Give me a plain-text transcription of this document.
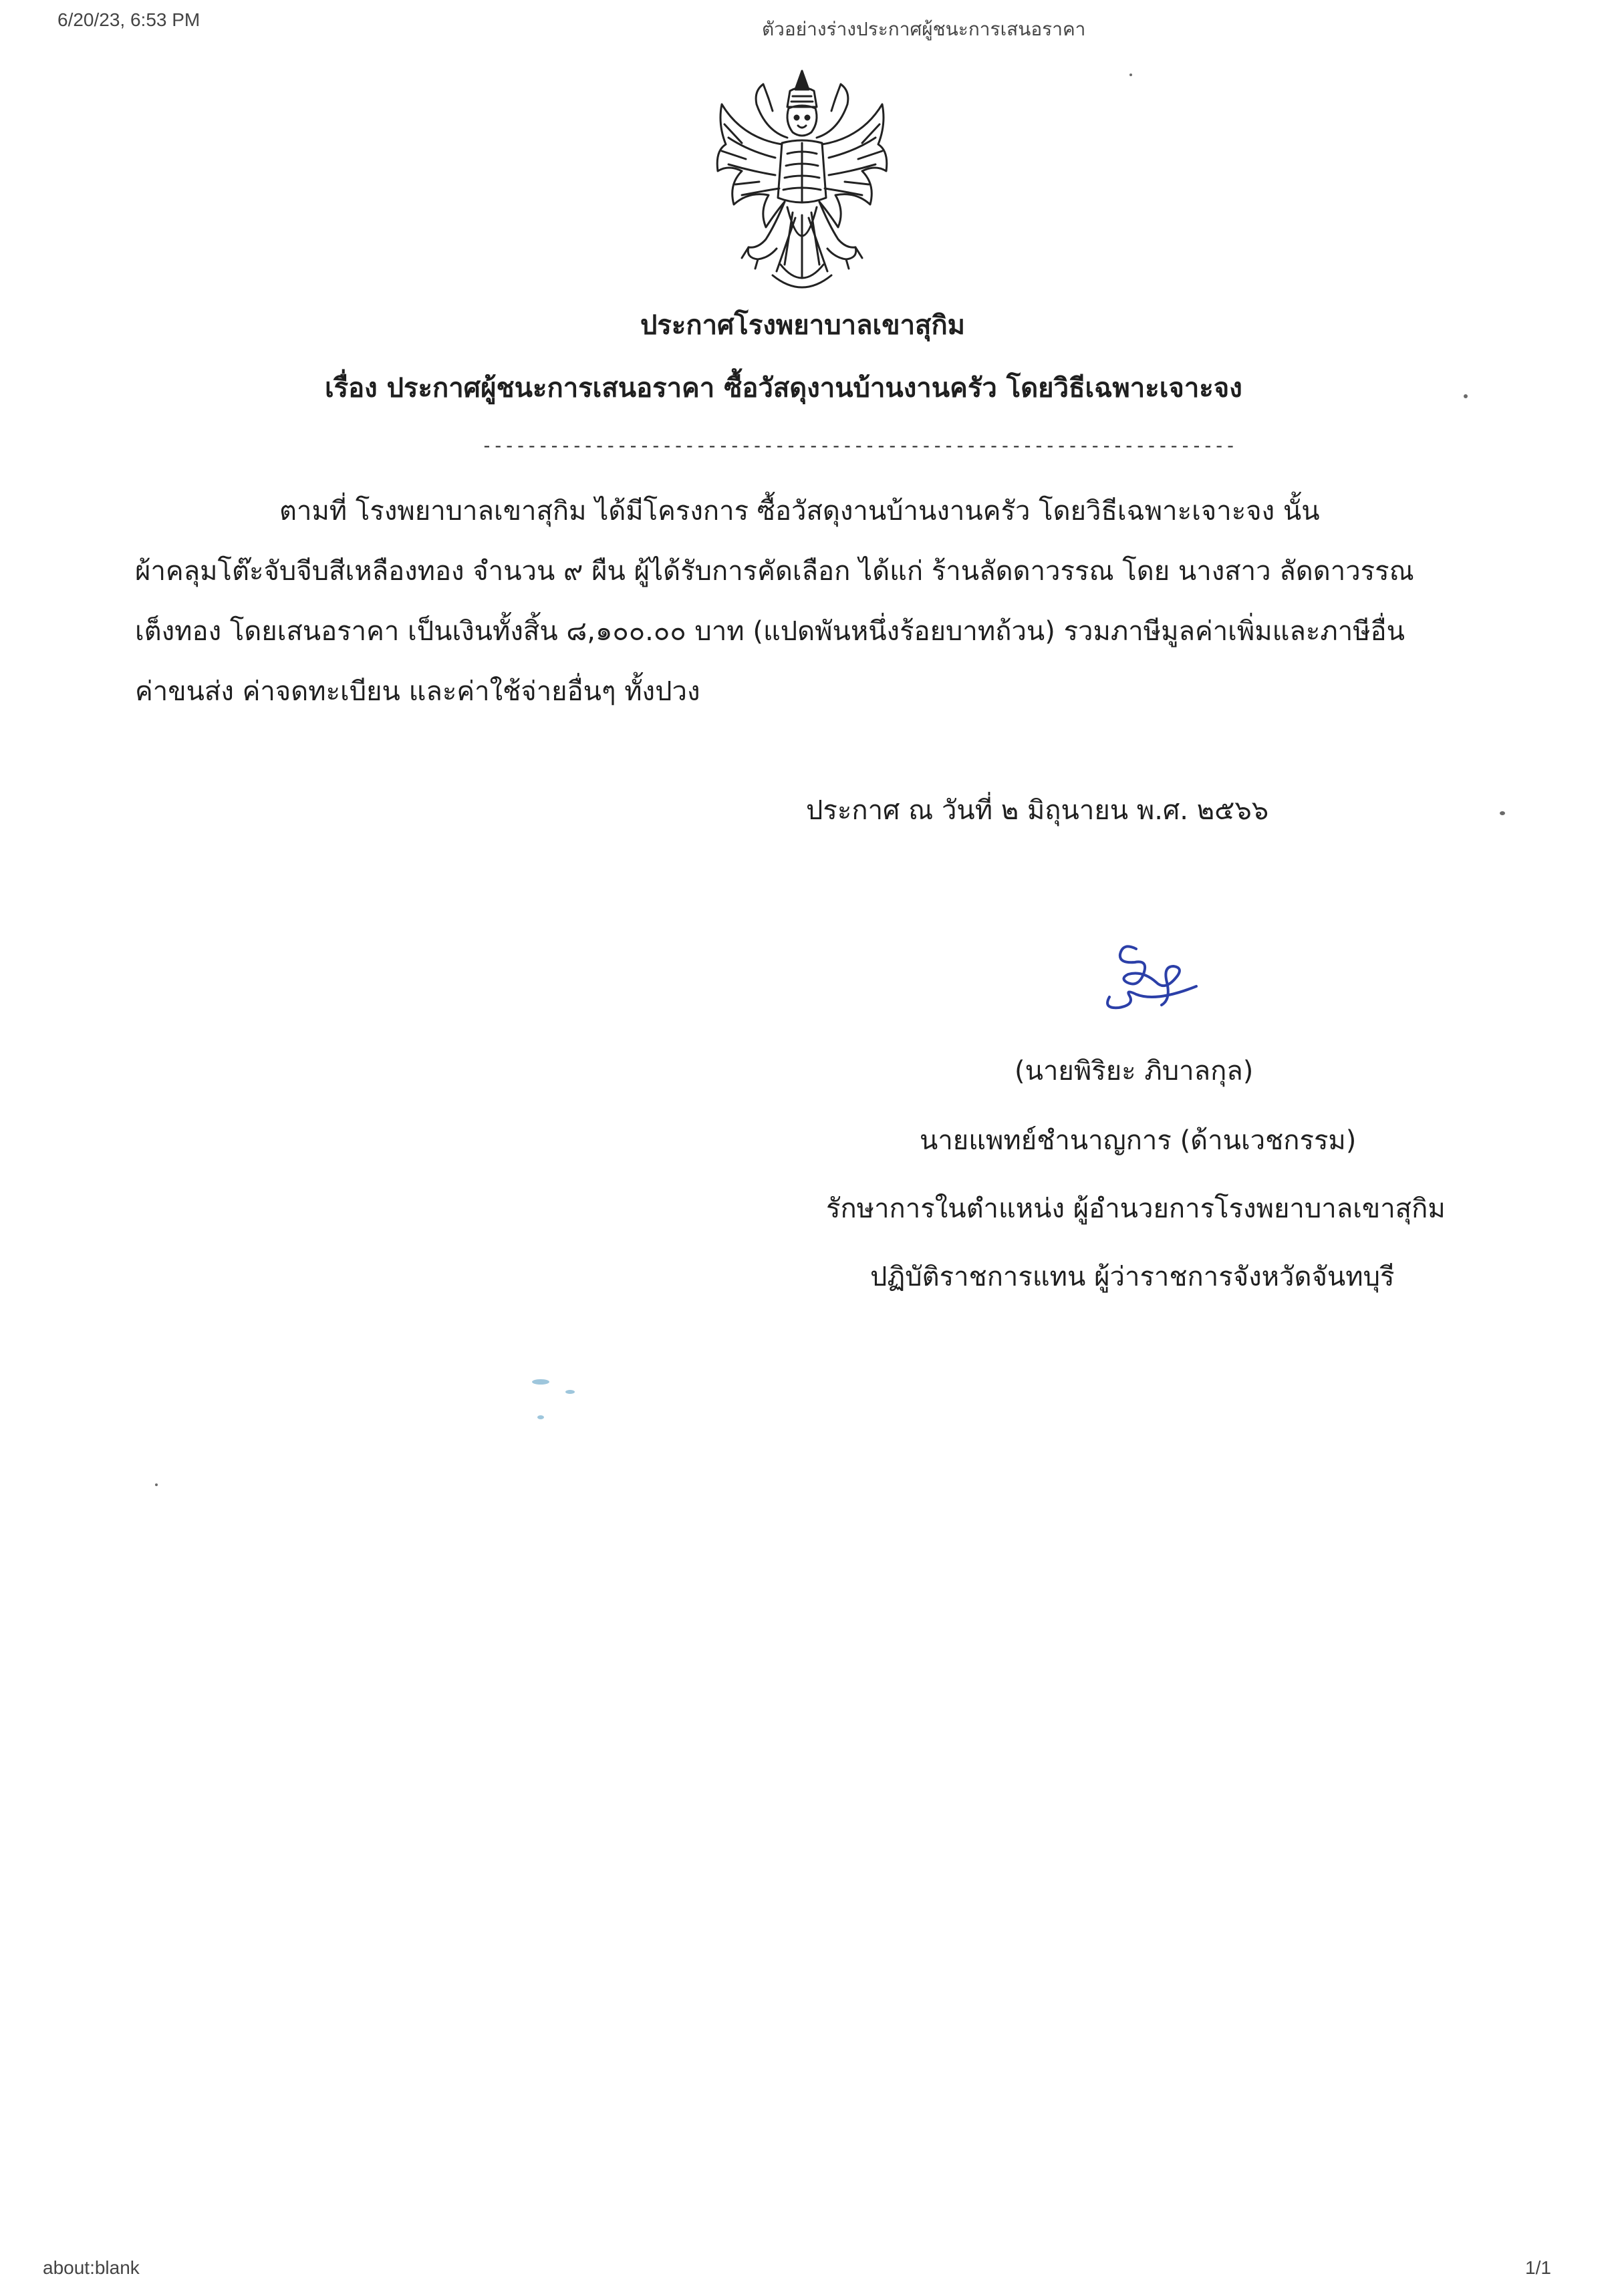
6/20/23, 6:53 PM	ตัวอย่างร่างประกาศผู้ชนะการเสนอราคา
ประกาศโรงพยาบาลเขาสุกิม
เรื่อง ประกาศผู้ชนะการเสนอราคา ซื้อวัสดุงานบ้านงานครัว โดยวิธีเฉพาะเจาะจง
-------------------------------------------------------------------
ตามที่ โรงพยาบาลเขาสุกิม ได้มีโครงการ ซื้อวัสดุงานบ้านงานครัว โดยวิธีเฉพาะเจาะจง นั้น
ผ้าคลุมโต๊ะจับจีบสีเหลืองทอง จำนวน ๙ ผืน ผู้ได้รับการคัดเลือก ได้แก่ ร้านลัดดาวรรณ โดย นางสาว ลัดดาวรรณ
เต็งทอง โดยเสนอราคา เป็นเงินทั้งสิ้น ๘,๑๐๐.๐๐ บาท (แปดพันหนึ่งร้อยบาทถ้วน) รวมภาษีมูลค่าเพิ่มและภาษีอื่น
ค่าขนส่ง ค่าจดทะเบียน และค่าใช้จ่ายอื่นๆ ทั้งปวง
ประกาศ ณ วันที่ ๒ มิถุนายน พ.ศ. ๒๕๖๖
(นายพิริยะ ภิบาลกุล)
นายแพทย์ชำนาญการ (ด้านเวชกรรม)
รักษาการในตำแหน่ง ผู้อำนวยการโรงพยาบาลเขาสุกิม
ปฏิบัติราชการแทน ผู้ว่าราชการจังหวัดจันทบุรี
about:blank	1/1
